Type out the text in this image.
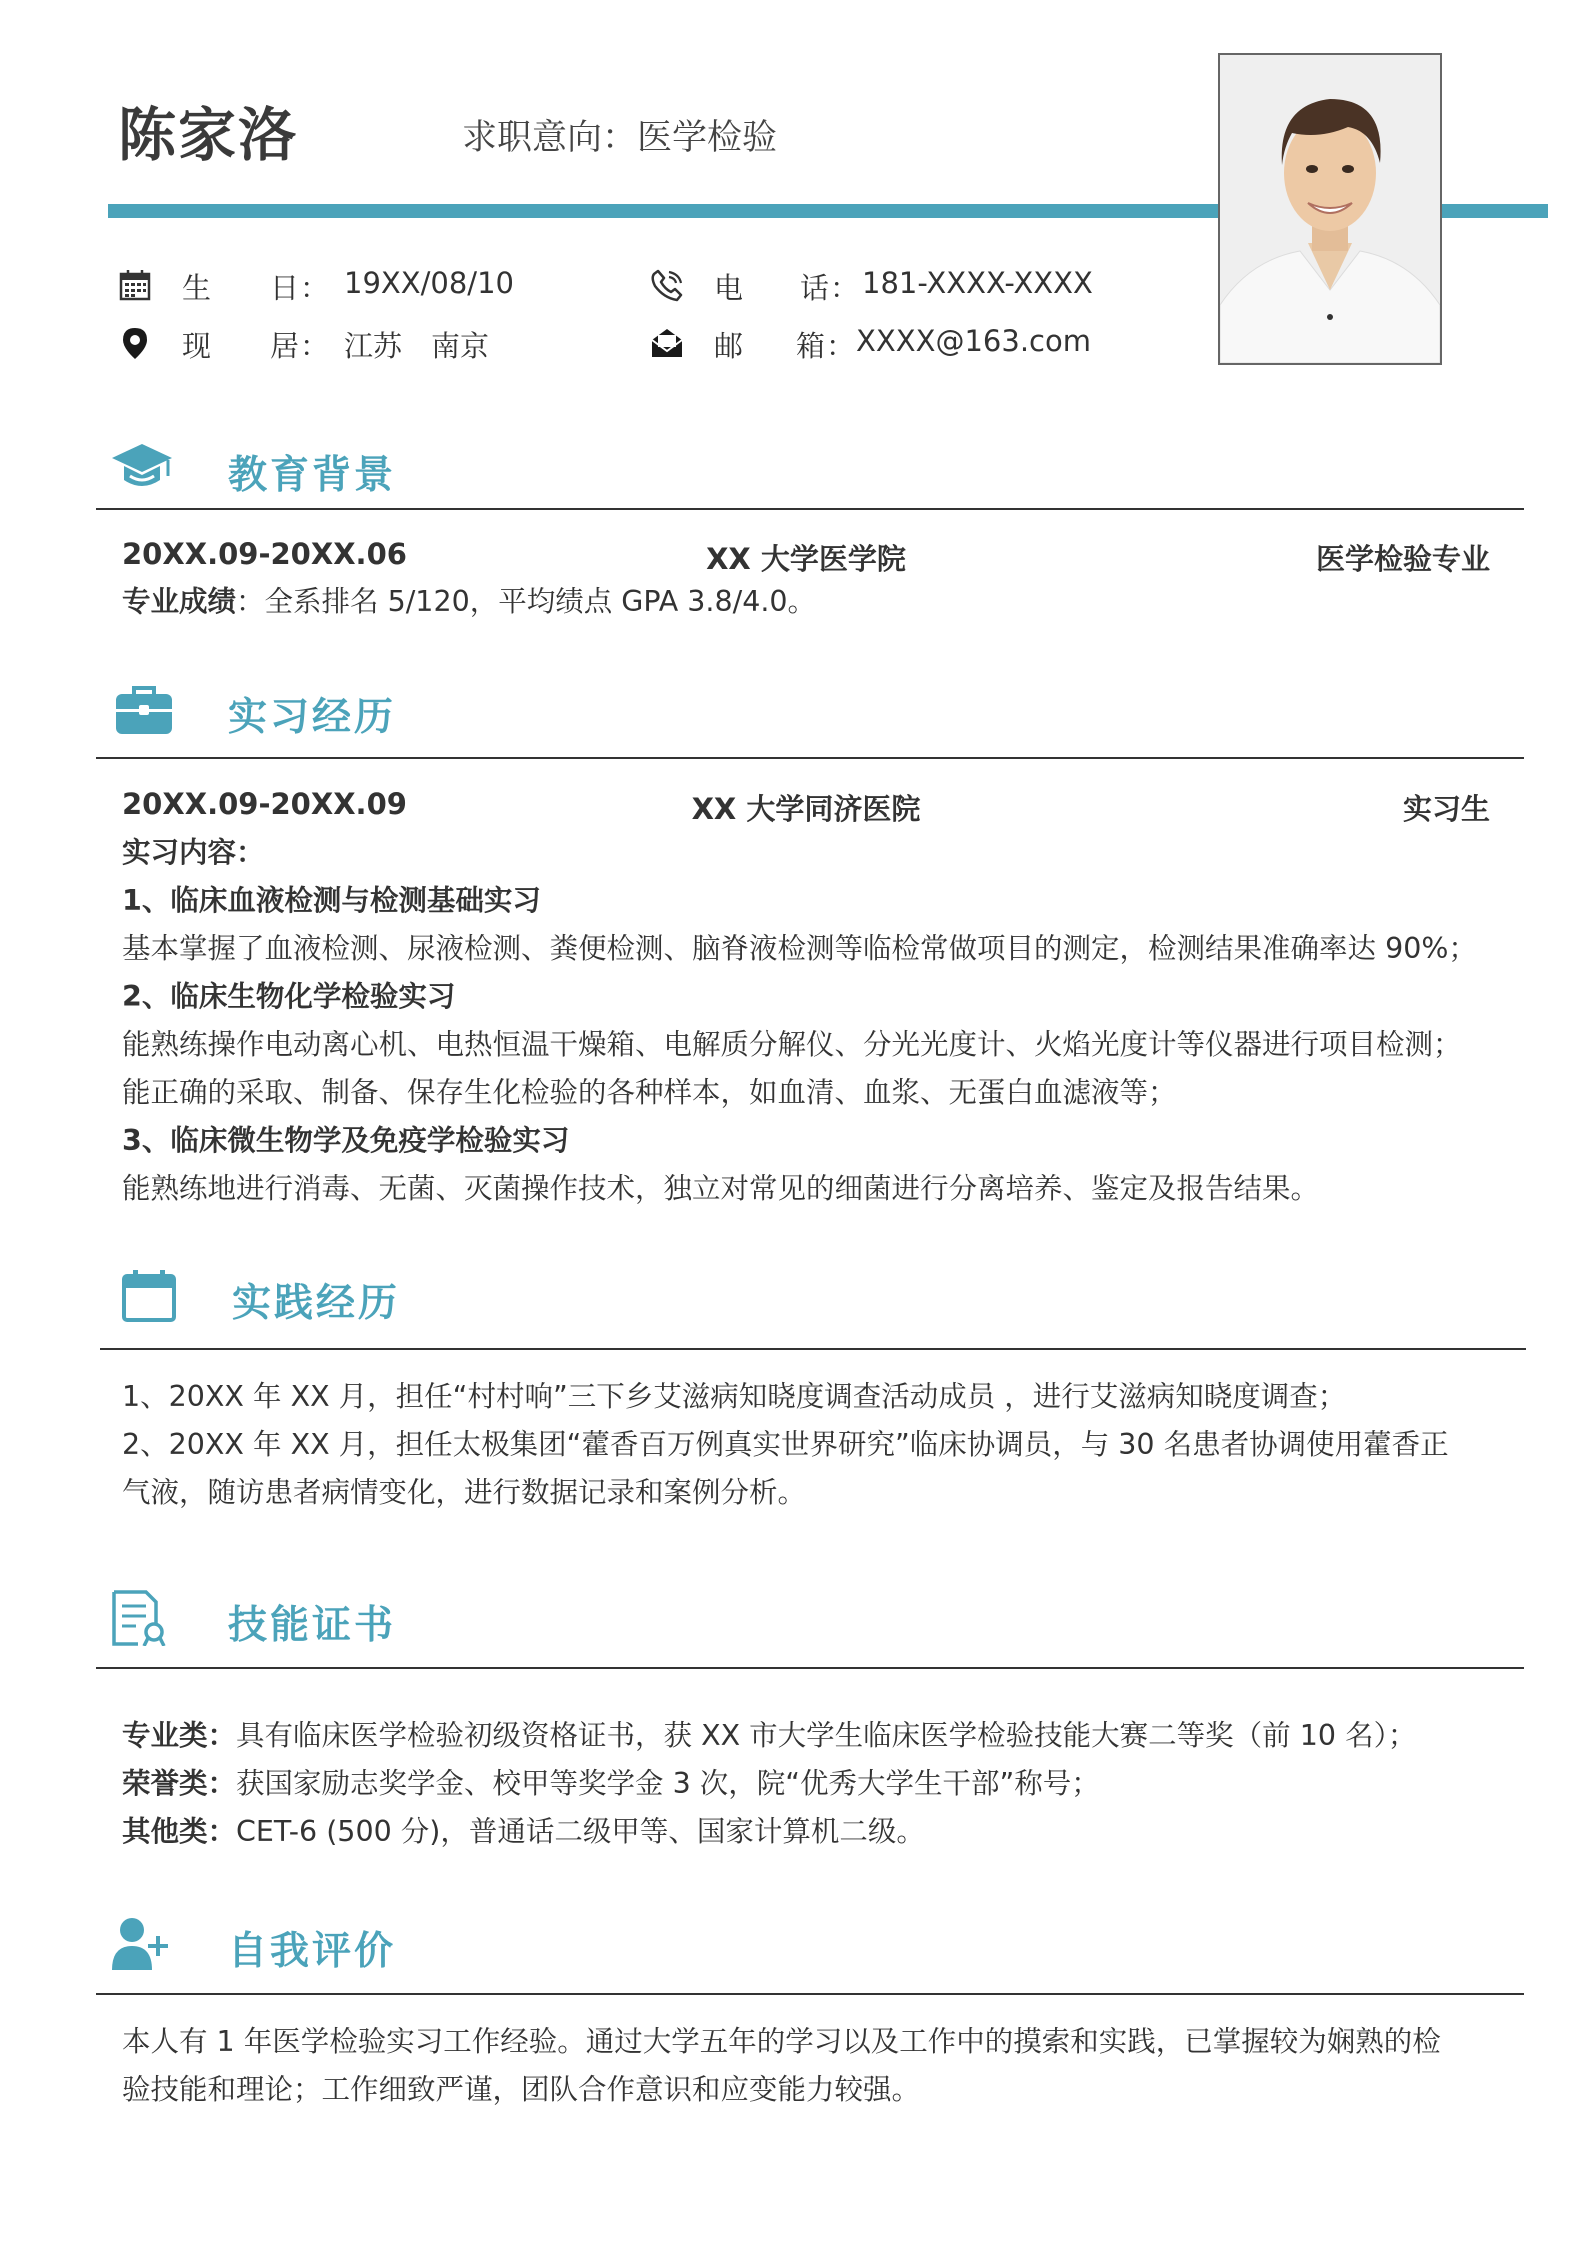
陈家洛	求职意向：医学检验
生 日 ： 19XX/08/10	电 话 ： 181-XXXX-XXXX
现 居 ： 江苏　南京	邮 箱 ： XXXX@163.com
教育背景
20XX.09-20XX.06	XX 大学医学院	医学检验专业
专业成绩：全系排名 5/120，平均绩点 GPA 3.8/4.0。
实习经历
20XX.09-20XX.09	XX 大学同济医院	实习生
实习内容：
1、临床血液检测与检测基础实习
基本掌握了血液检测、尿液检测、粪便检测、脑脊液检测等临检常做项目的测定，检测结果准确率达 90%；
2、临床生物化学检验实习
能熟练操作电动离心机、电热恒温干燥箱、电解质分解仪、分光光度计、火焰光度计等仪器进行项目检测；
能正确的采取、制备、保存生化检验的各种样本，如血清、血浆、无蛋白血滤液等；
3、临床微生物学及免疫学检验实习
能熟练地进行消毒、无菌、灭菌操作技术，独立对常见的细菌进行分离培养、鉴定及报告结果。
实践经历
1、20XX 年 XX 月，担任“村村响”三下乡艾滋病知晓度调查活动成员 ，进行艾滋病知晓度调查；
2、20XX 年 XX 月，担任太极集团“藿香百万例真实世界研究”临床协调员，与 30 名患者协调使用藿香正
气液，随访患者病情变化，进行数据记录和案例分析。
技能证书
专业类：具有临床医学检验初级资格证书，获 XX 市大学生临床医学检验技能大赛二等奖（前 10 名）；
荣誉类：获国家励志奖学金、校甲等奖学金 3 次，院“优秀大学生干部”称号；
其他类：CET-6 (500 分)，普通话二级甲等、国家计算机二级。
自我评价
本人有 1 年医学检验实习工作经验。通过大学五年的学习以及工作中的摸索和实践，已掌握较为娴熟的检
验技能和理论；工作细致严谨，团队合作意识和应变能力较强。
